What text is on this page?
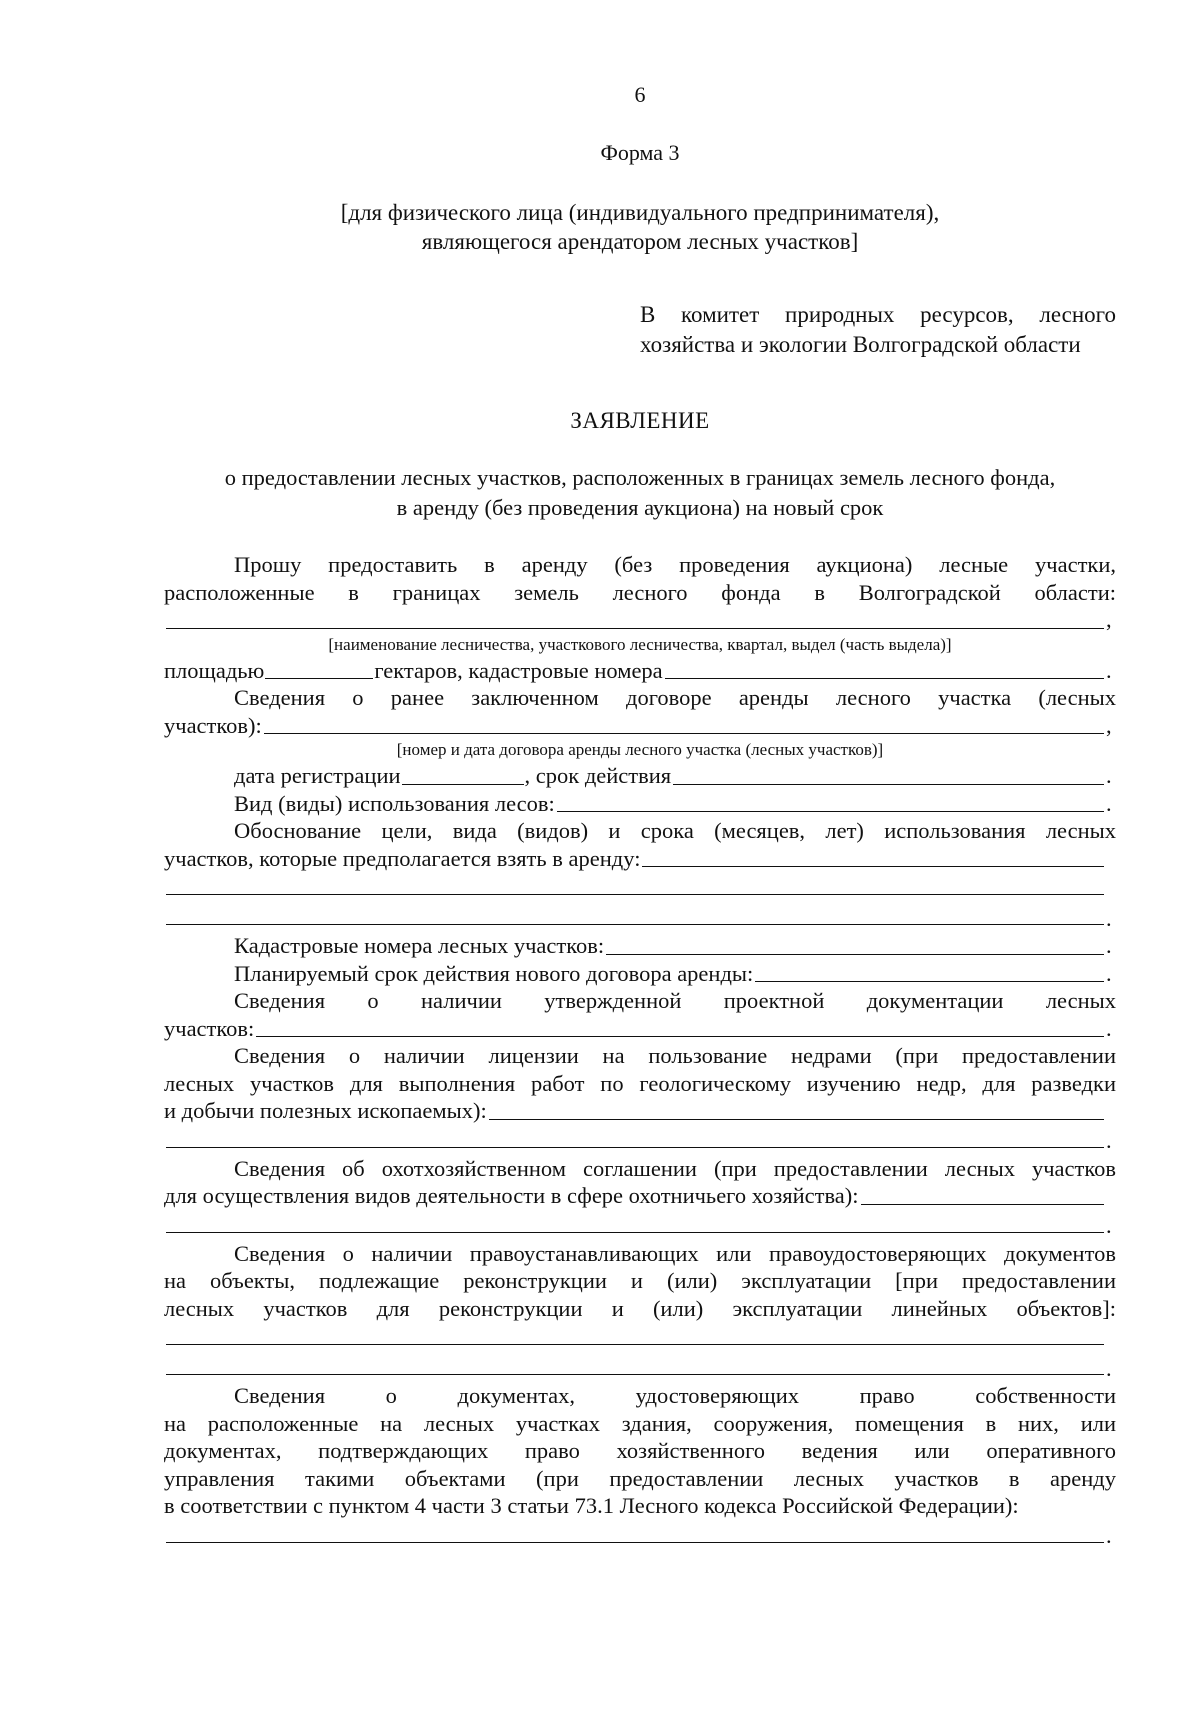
6
Форма 3
[для физического лица (индивидуального предпринимателя),
являющегося арендатором лесных участков]
В комитет природных ресурсов, лесного хозяйства и экологии Волгоградской области
ЗАЯВЛЕНИЕ
о предоставлении лесных участков, расположенных в границах земель лесного фонда,
в аренду (без проведения аукциона) на новый срок

Прошу предоставить в аренду (без проведения аукциона) лесные участки,

расположенные в границах земель лесного фонда в Волгоградской области:

,
[наименование лесничества, участкового лесничества, квартал, выдел (часть выдела)]
площадью	гектаров, кадастровые номера	.

Сведения о ранее заключенном договоре аренды лесного участка (лесных

участков):	,
[номер и дата договора аренды лесного участка (лесных участков)]
дата регистрации	, срок действия	.
Вид (виды) использования лесов:	.

Обоснование цели, вида (видов) и срока (месяцев, лет) использования лесных

участков, которые предполагается взять в аренду:
.
Кадастровые номера лесных участков:	.
Планируемый срок действия нового договора аренды:	.

Сведения о наличии утвержденной проектной документации лесных

участков:	.

Сведения о наличии лицензии на пользование недрами (при предоставлении

лесных участков для выполнения работ по геологическому изучению недр, для разведки

и добычи полезных ископаемых):
.

Сведения об охотхозяйственном соглашении (при предоставлении лесных участков

для осуществления видов деятельности в сфере охотничьего хозяйства):
.

Сведения о наличии правоустанавливающих или правоудостоверяющих документов

на объекты, подлежащие реконструкции и (или) эксплуатации [при предоставлении

лесных участков для реконструкции и (или) эксплуатации линейных объектов]:

.

Сведения о документах, удостоверяющих право собственности

на расположенные на лесных участках здания, сооружения, помещения в них, или

документах, подтверждающих право хозяйственного ведения или оперативного

управления такими объектами (при предоставлении лесных участков в аренду

в соответствии с пунктом 4 части 3 статьи 73.1 Лесного кодекса Российской Федерации):

.
